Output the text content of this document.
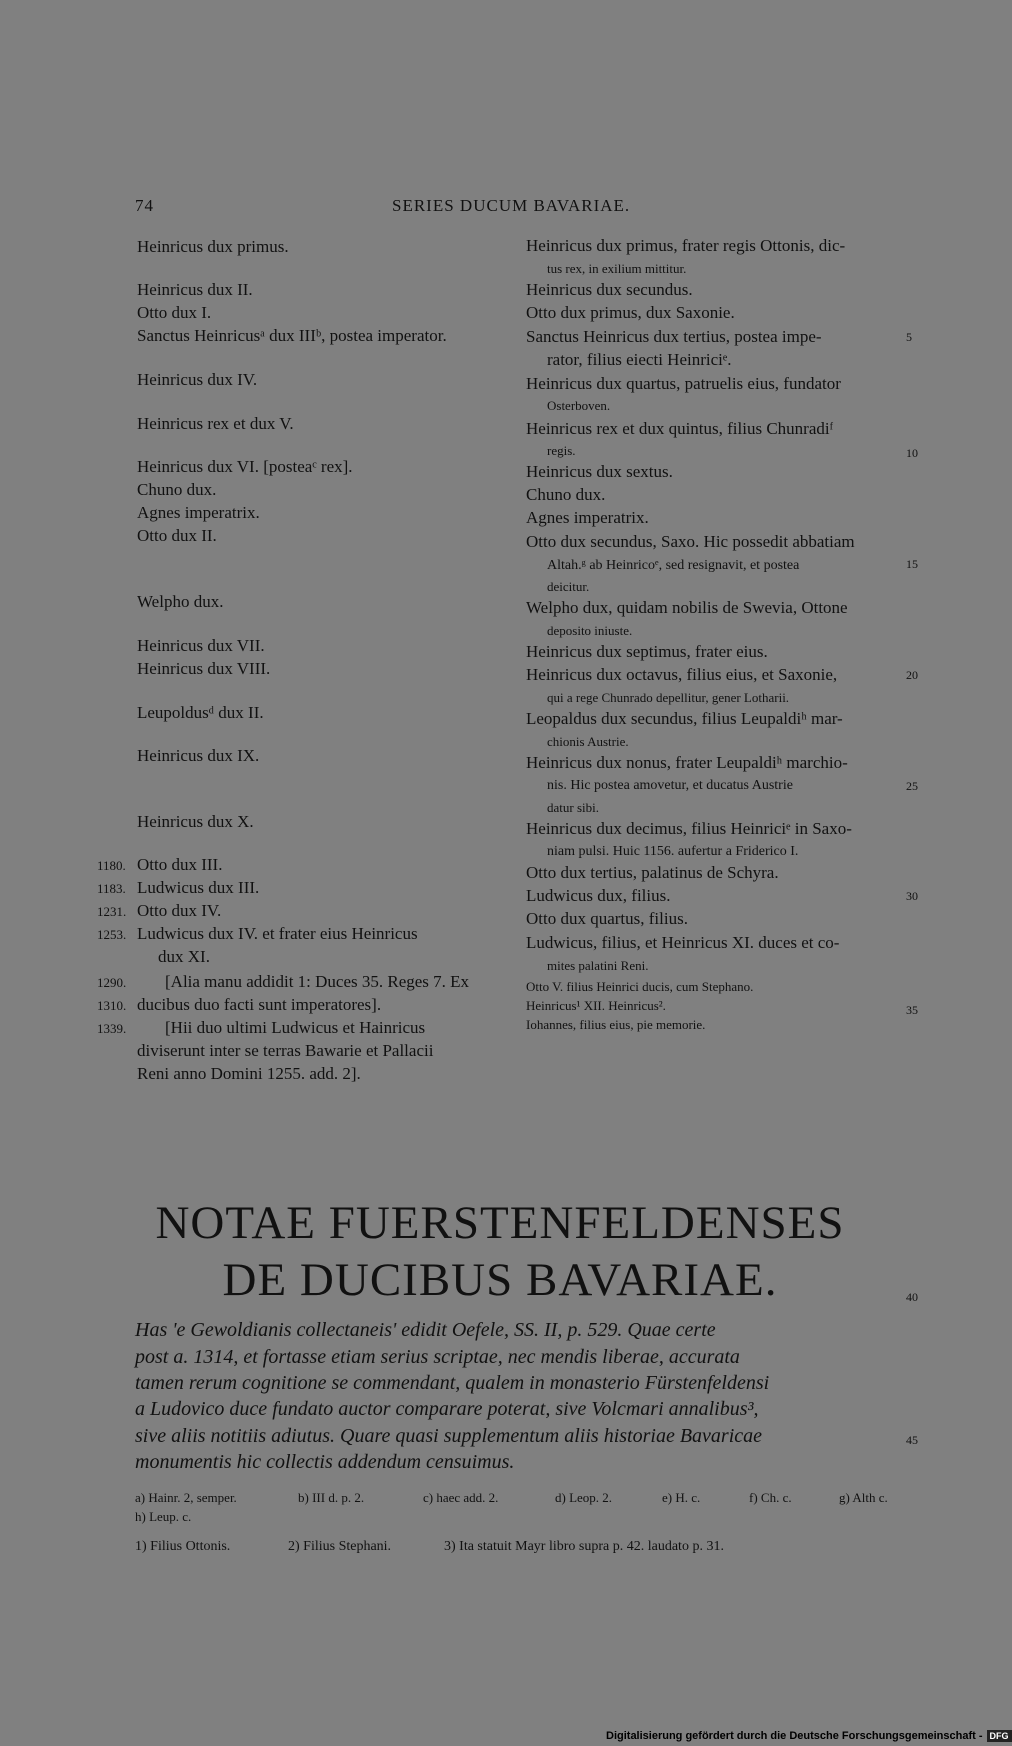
74	SERIES DUCUM BAVARIAE.
Heinricus dux primus.
Heinricus dux II.
Otto dux I.
Sanctus Heinricusᵃ dux IIIᵇ, postea imperator.
Heinricus dux IV.
Heinricus rex et dux V.
Heinricus dux VI. [posteaᶜ rex].
Chuno dux.
Agnes imperatrix.
Otto dux II.
Welpho dux.
Heinricus dux VII.
Heinricus dux VIII.
Leupoldusᵈ dux II.
Heinricus dux IX.
Heinricus dux X.
Otto dux III.
Ludwicus dux III.
Otto dux IV.
Ludwicus dux IV. et frater eius Heinricus
dux XI.
[Alia manu addidit 1: Duces 35. Reges 7. Ex
ducibus duo facti sunt imperatores].
[Hii duo ultimi Ludwicus et Hainricus
diviserunt inter se terras Bawarie et Pallacii
Reni anno Domini 1255. add. 2].
1180.
1183.
1231.
1253.
1290.
1310.
1339.
Heinricus dux primus, frater regis Ottonis, dic-
tus rex, in exilium mittitur.
Heinricus dux secundus.
Otto dux primus, dux Saxonie.
Sanctus Heinricus dux tertius, postea impe-
rator, filius eiecti Heinriciᵉ.
Heinricus dux quartus, patruelis eius, fundator
Osterboven.
Heinricus rex et dux quintus, filius Chunradiᶠ
regis.
Heinricus dux sextus.
Chuno dux.
Agnes imperatrix.
Otto dux secundus, Saxo. Hic possedit abbatiam
Altah.ᵍ ab Heinricoᵉ, sed resignavit, et postea
deicitur.
Welpho dux, quidam nobilis de Swevia, Ottone
deposito iniuste.
Heinricus dux septimus, frater eius.
Heinricus dux octavus, filius eius, et Saxonie,
qui a rege Chunrado depellitur, gener Lotharii.
Leopaldus dux secundus, filius Leupaldiʰ mar-
chionis Austrie.
Heinricus dux nonus, frater Leupaldiʰ marchio-
nis. Hic postea amovetur, et ducatus Austrie
datur sibi.
Heinricus dux decimus, filius Heinriciᵉ in Saxo-
niam pulsi. Huic 1156. aufertur a Friderico I.
Otto dux tertius, palatinus de Schyra.
Ludwicus dux, filius.
Otto dux quartus, filius.
Ludwicus, filius, et Heinricus XI. duces et co-
mites palatini Reni.
Otto V. filius Heinrici ducis, cum Stephano.
Heinricus¹ XII. Heinricus².
Iohannes, filius eius, pie memorie.
5
10
15
20
25
30
35
40
45
NOTAE FUERSTENFELDENSES
DE DUCIBUS BAVARIAE.
Has 'e Gewoldianis collectaneis' edidit Oefele, SS. II, p. 529. Quae certe
post a. 1314, et fortasse etiam serius scriptae, nec mendis liberae, accurata
tamen rerum cognitione se commendant, qualem in monasterio Fürstenfeldensi
a Ludovico duce fundato auctor comparare poterat, sive Volcmari annalibus³,
sive aliis notitiis adiutus. Quare quasi supplementum aliis historiae Bavaricae
monumentis hic collectis addendum censuimus.
a) Hainr. 2, semper.	b) III d. p. 2.	c) haec add. 2.	d) Leop. 2.	e) H. c.	f) Ch. c.	g) Alth c.
h) Leup. c.
1) Filius Ottonis.	2) Filius Stephani.	3) Ita statuit Mayr libro supra p. 42. laudato p. 31.
Digitalisierung gefördert durch die Deutsche Forschungsgemeinschaft - DFG
